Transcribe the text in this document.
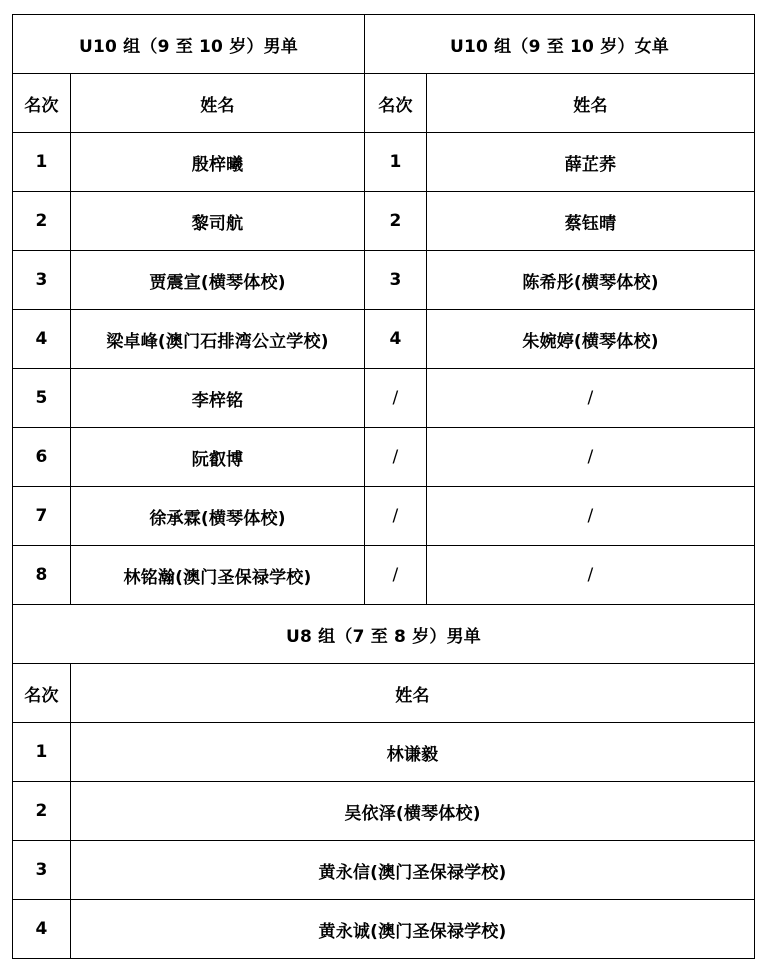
U10 组（9 至 10 岁）男单		U10 组（9 至 10 岁）女单	
名次	姓名	名次	姓名
1	殷梓曦	1	薛芷荞
2	黎司航	2	蔡钰晴
3	贾震宣(横琴体校)	3	陈希彤(横琴体校)
4	梁卓峰(澳门石排湾公立学校)	4	朱婉婷(横琴体校)
5	李梓铭	/	/
6	阮叡博	/	/
7	徐承霖(横琴体校)	/	/
8	林铭瀚(澳门圣保禄学校)	/	/
U8 组（7 至 8 岁）男单			
名次	姓名		
1	林谦毅		
2	吴依泽(横琴体校)		
3	黄永信(澳门圣保禄学校)		
4	黄永诚(澳门圣保禄学校)		
